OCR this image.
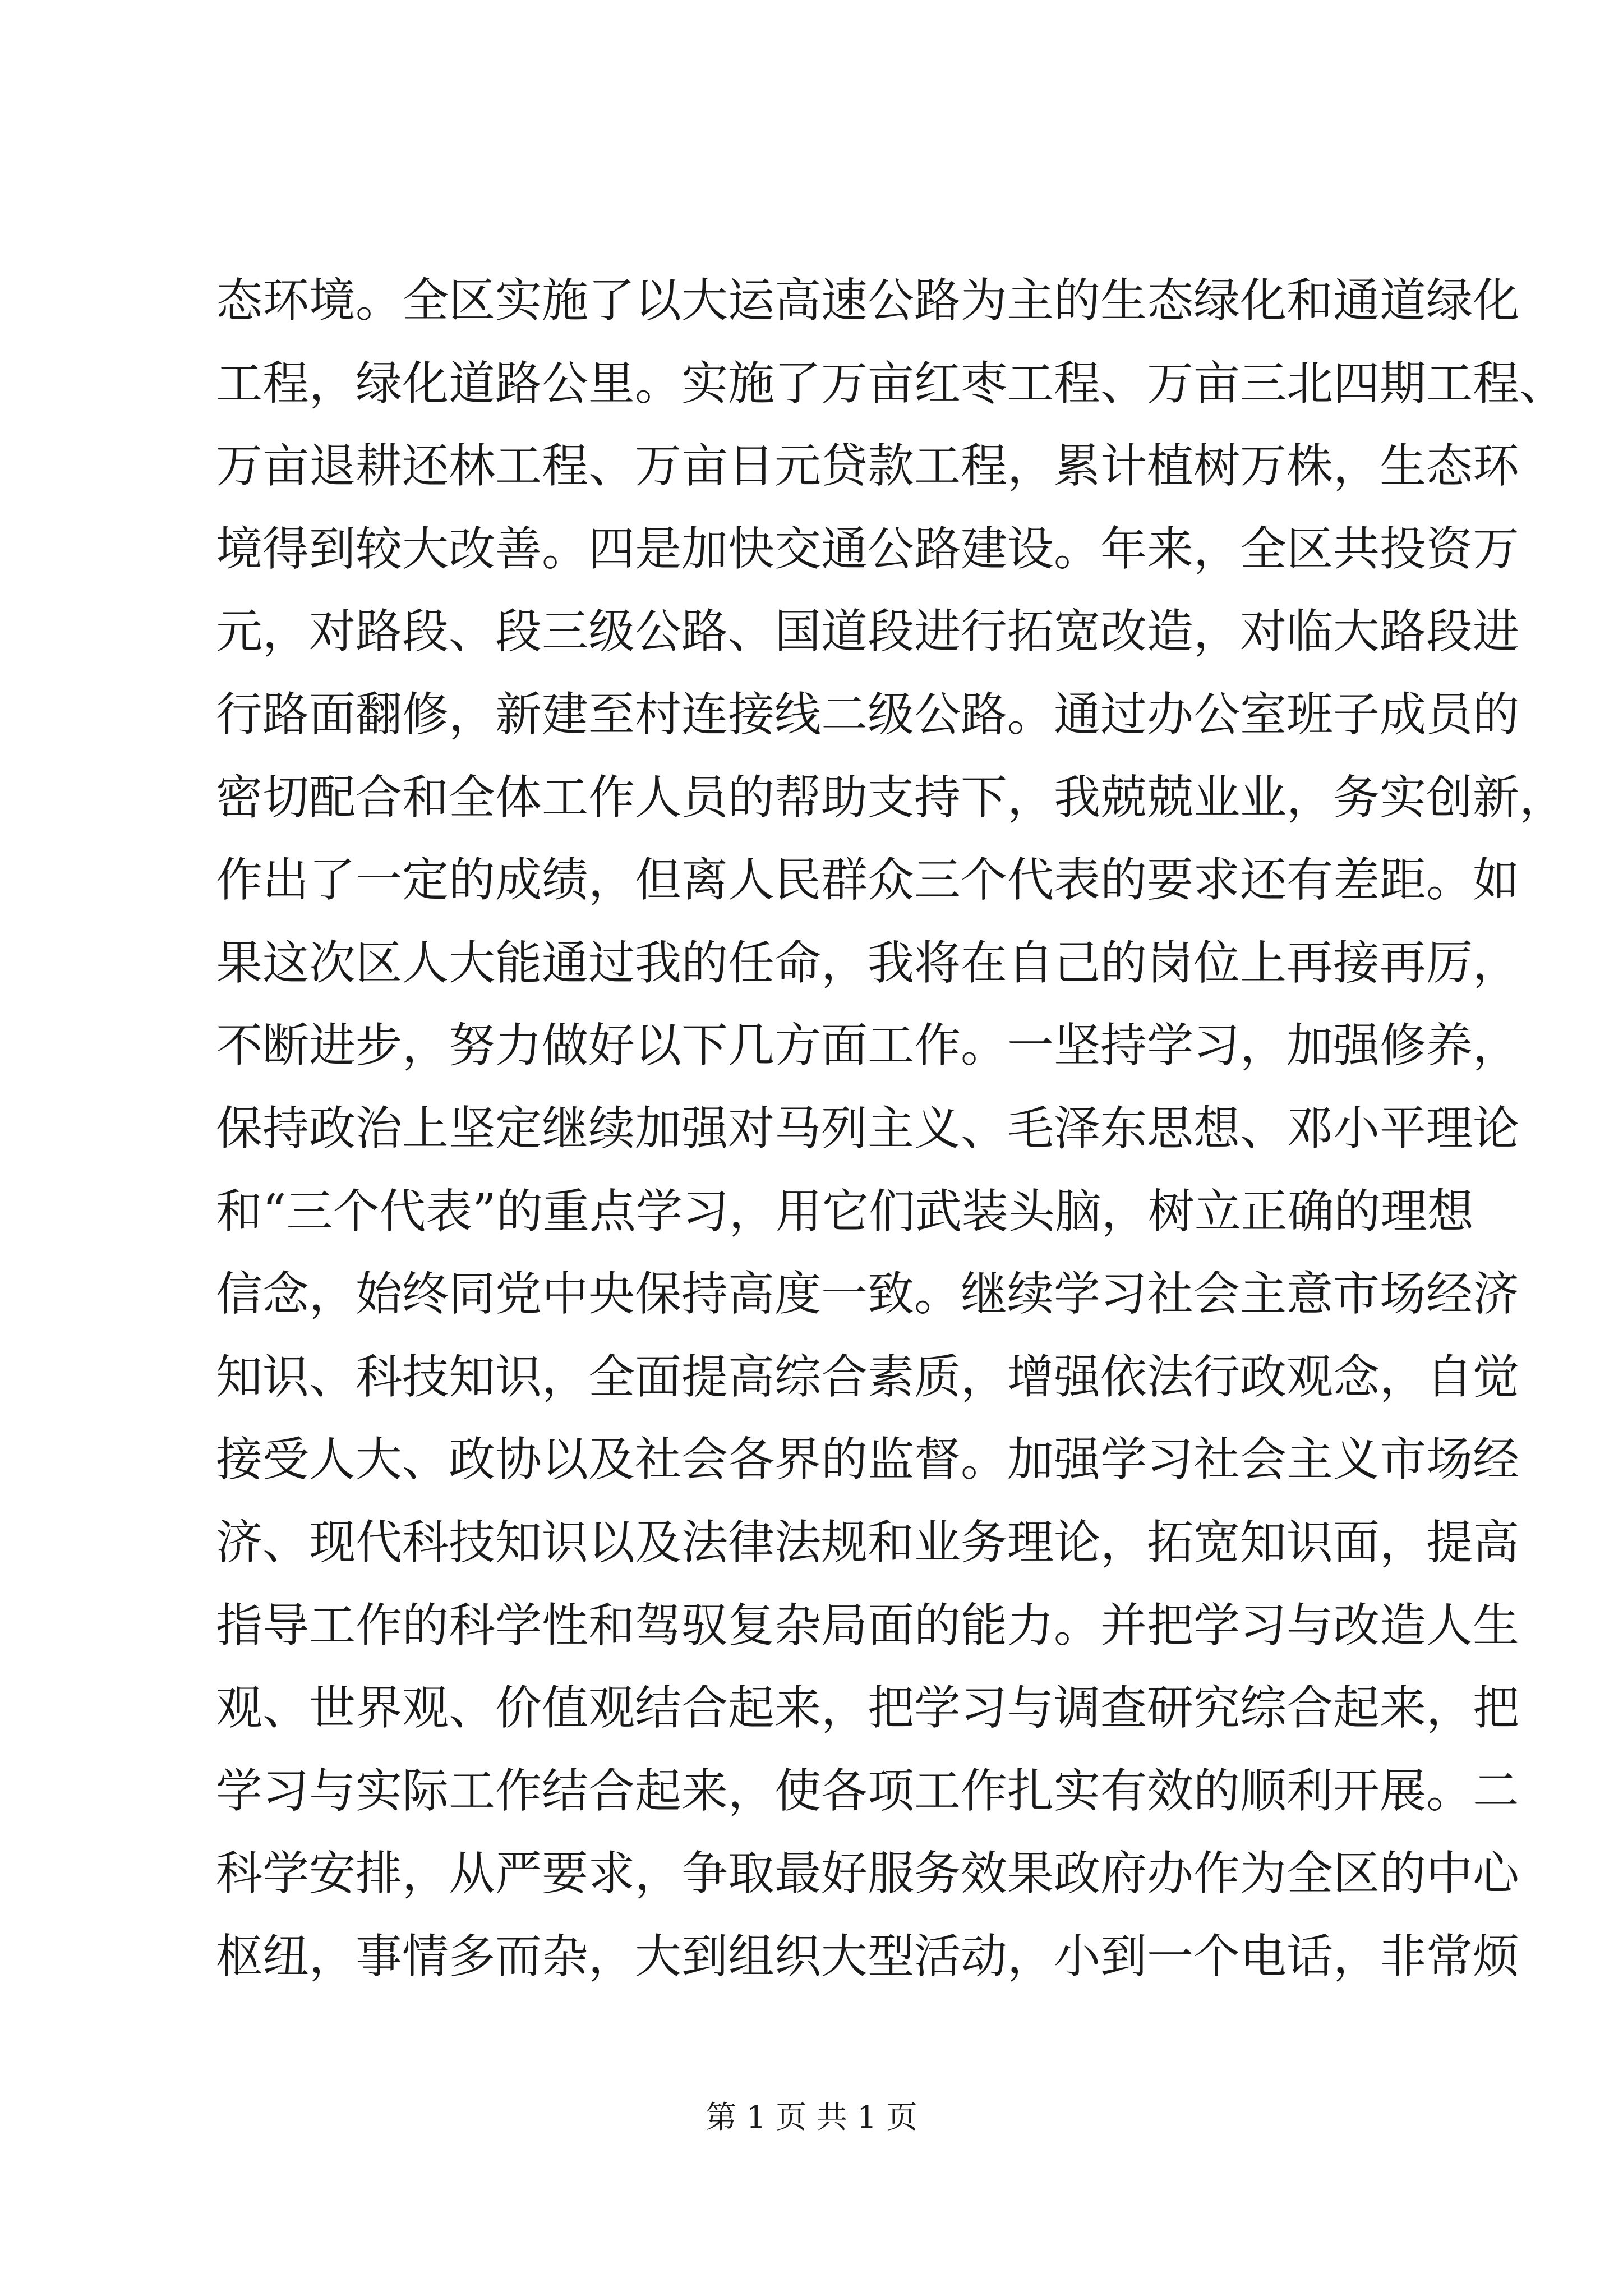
态环境。全区实施了以大运高速公路为主的生态绿化和通道绿化
工程，绿化道路公里。实施了万亩红枣工程、万亩三北四期工程、
万亩退耕还林工程、万亩日元贷款工程，累计植树万株，生态环
境得到较大改善。四是加快交通公路建设。年来，全区共投资万
元，对路段、段三级公路、国道段进行拓宽改造，对临大路段进
行路面翻修，新建至村连接线二级公路。通过办公室班子成员的
密切配合和全体工作人员的帮助支持下，我兢兢业业，务实创新，
作出了一定的成绩，但离人民群众三个代表的要求还有差距。如
果这次区人大能通过我的任命，我将在自己的岗位上再接再厉，
不断进步，努力做好以下几方面工作。一坚持学习，加强修养，
保持政治上坚定继续加强对马列主义、毛泽东思想、邓小平理论
和“三个代表”的重点学习，用它们武装头脑，树立正确的理想
信念，始终同党中央保持高度一致。继续学习社会主意市场经济
知识、科技知识，全面提高综合素质，增强依法行政观念，自觉
接受人大、政协以及社会各界的监督。加强学习社会主义市场经
济、现代科技知识以及法律法规和业务理论，拓宽知识面，提高
指导工作的科学性和驾驭复杂局面的能力。并把学习与改造人生
观、世界观、价值观结合起来，把学习与调查研究综合起来，把
学习与实际工作结合起来，使各项工作扎实有效的顺利开展。二
科学安排，从严要求，争取最好服务效果政府办作为全区的中心
枢纽，事情多而杂，大到组织大型活动，小到一个电话，非常烦
第 1 页 共 1 页
